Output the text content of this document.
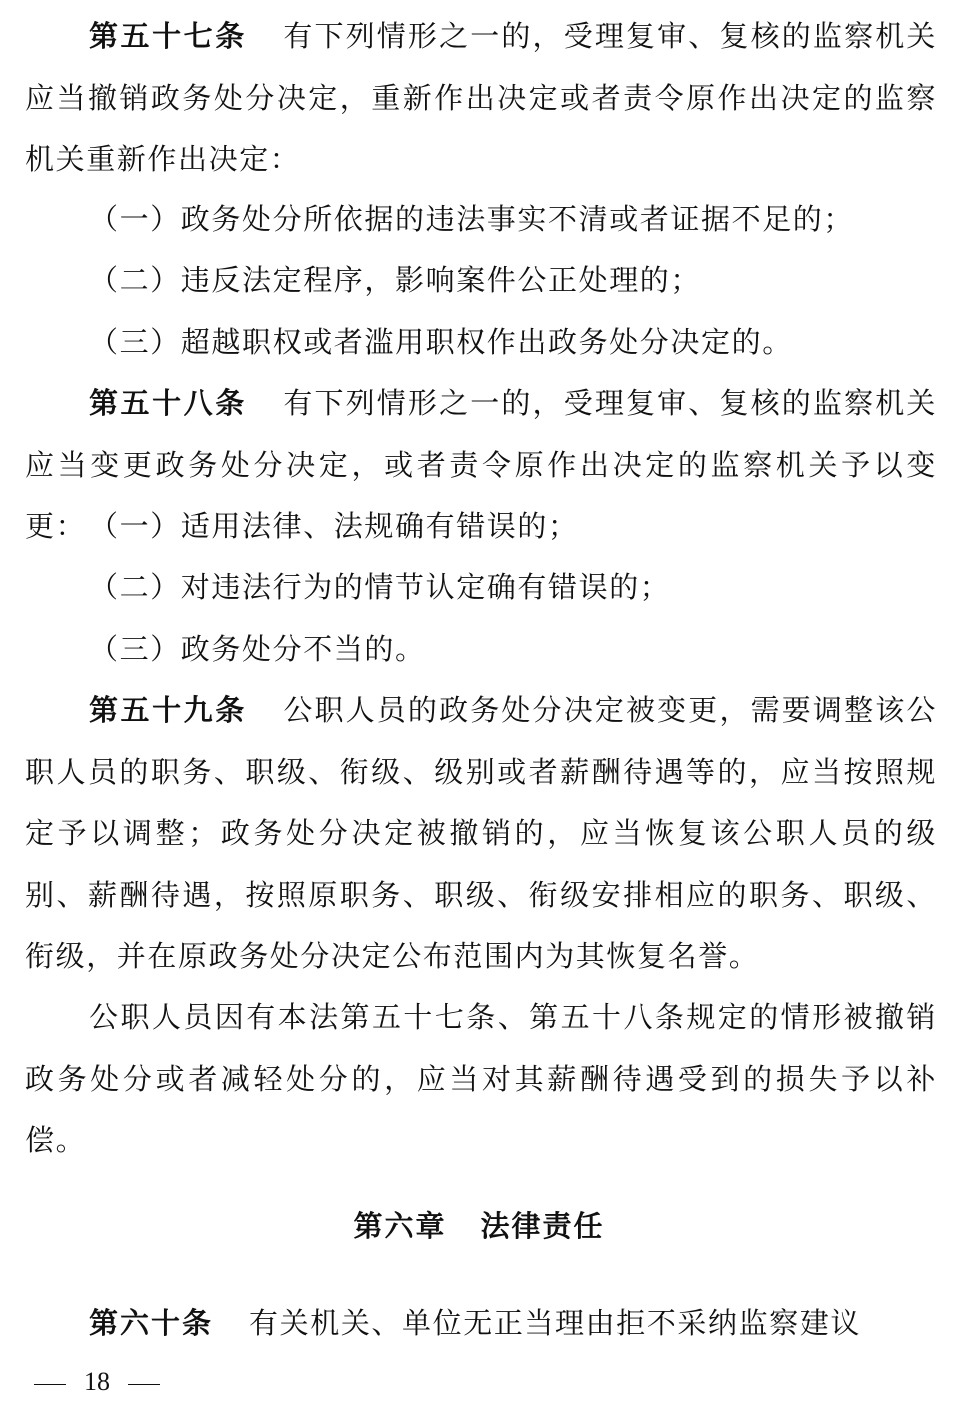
第五十七条 有下列情形之一的，受理复审、复核的监察机关应当撤销政务处分决定，重新作出决定或者责令原作出决定的监察机关重新作出决定：

（一）政务处分所依据的违法事实不清或者证据不足的；

（二）违反法定程序，影响案件公正处理的；

（三）超越职权或者滥用职权作出政务处分决定的。

第五十八条 有下列情形之一的，受理复审、复核的监察机关应当变更政务处分决定，或者责令原作出决定的监察机关予以变更： （一）适用法律、法规确有错误的；

（二）对违法行为的情节认定确有错误的；

（三）政务处分不当的。

第五十九条 公职人员的政务处分决定被变更，需要调整该公职人员的职务、职级、衔级、级别或者薪酬待遇等的，应当按照规定予以调整；政务处分决定被撤销的，应当恢复该公职人员的级别、薪酬待遇，按照原职务、职级、衔级安排相应的职务、职级、衔级，并在原政务处分决定公布范围内为其恢复名誉。

公职人员因有本法第五十七条、第五十八条规定的情形被撤销政务处分或者减轻处分的，应当对其薪酬待遇受到的损失予以补偿。

第六章 法律责任

第六十条 有关机关、单位无正当理由拒不采纳监察建议

18
